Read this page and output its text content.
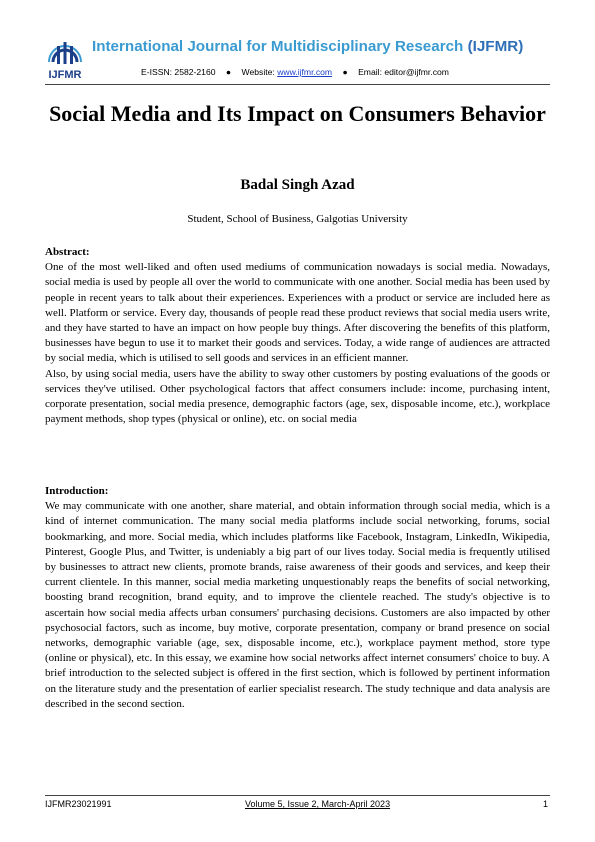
IJFMR
International Journal for Multidisciplinary Research (IJFMR)
E-ISSN: 2582-2160 ● Website: www.ijfmr.com ● Email: editor@ijfmr.com
Social Media and Its Impact on Consumers Behavior
Badal Singh Azad
Student, School of Business, Galgotias University
Abstract:
One of the most well-liked and often used mediums of communication nowadays is social media. Nowadays, social media is used by people all over the world to communicate with one another. Social media has been used by people in recent years to talk about their experiences. Experiences with a product or service are included here as well. Platform or service. Every day, thousands of people read these product reviews that social media users write, and they have started to have an impact on how people buy things. After discovering the benefits of this platform, businesses have begun to use it to market their goods and services. Today, a wide range of audiences are attracted by social media, which is utilised to sell goods and services in an efficient manner.
Also, by using social media, users have the ability to sway other customers by posting evaluations of the goods or services they've utilised. Other psychological factors that affect consumers include: income, purchasing intent, corporate presentation, social media presence, demographic factors (age, sex, disposable income, etc.), workplace payment methods, shop types (physical or online), etc. on social media
Introduction:
We may communicate with one another, share material, and obtain information through social media, which is a kind of internet communication. The many social media platforms include social networking, forums, social bookmarking, and more. Social media, which includes platforms like Facebook, Instagram, LinkedIn, Wikipedia, Pinterest, Google Plus, and Twitter, is undeniably a big part of our lives today. Social media is frequently utilised by businesses to attract new clients, promote brands, raise awareness of their goods and services, and keep their current clientele. In this manner, social media marketing unquestionably reaps the benefits of social networking, boosting brand recognition, brand equity, and to improve the clientele reached. The study's objective is to ascertain how social media affects urban consumers' purchasing decisions. Customers are also impacted by other psychosocial factors, such as income, buy motive, corporate presentation, company or brand presence on social networks, demographic variable (age, sex, disposable income, etc.), workplace payment method, store type (online or physical), etc. In this essay, we examine how social networks affect internet consumers' choice to buy. A brief introduction to the selected subject is offered in the first section, which is followed by pertinent information on the literature study and the presentation of earlier specialist research. The study technique and data analysis are described in the second section.
IJFMR23021991	Volume 5, Issue 2, March-April 2023	1
